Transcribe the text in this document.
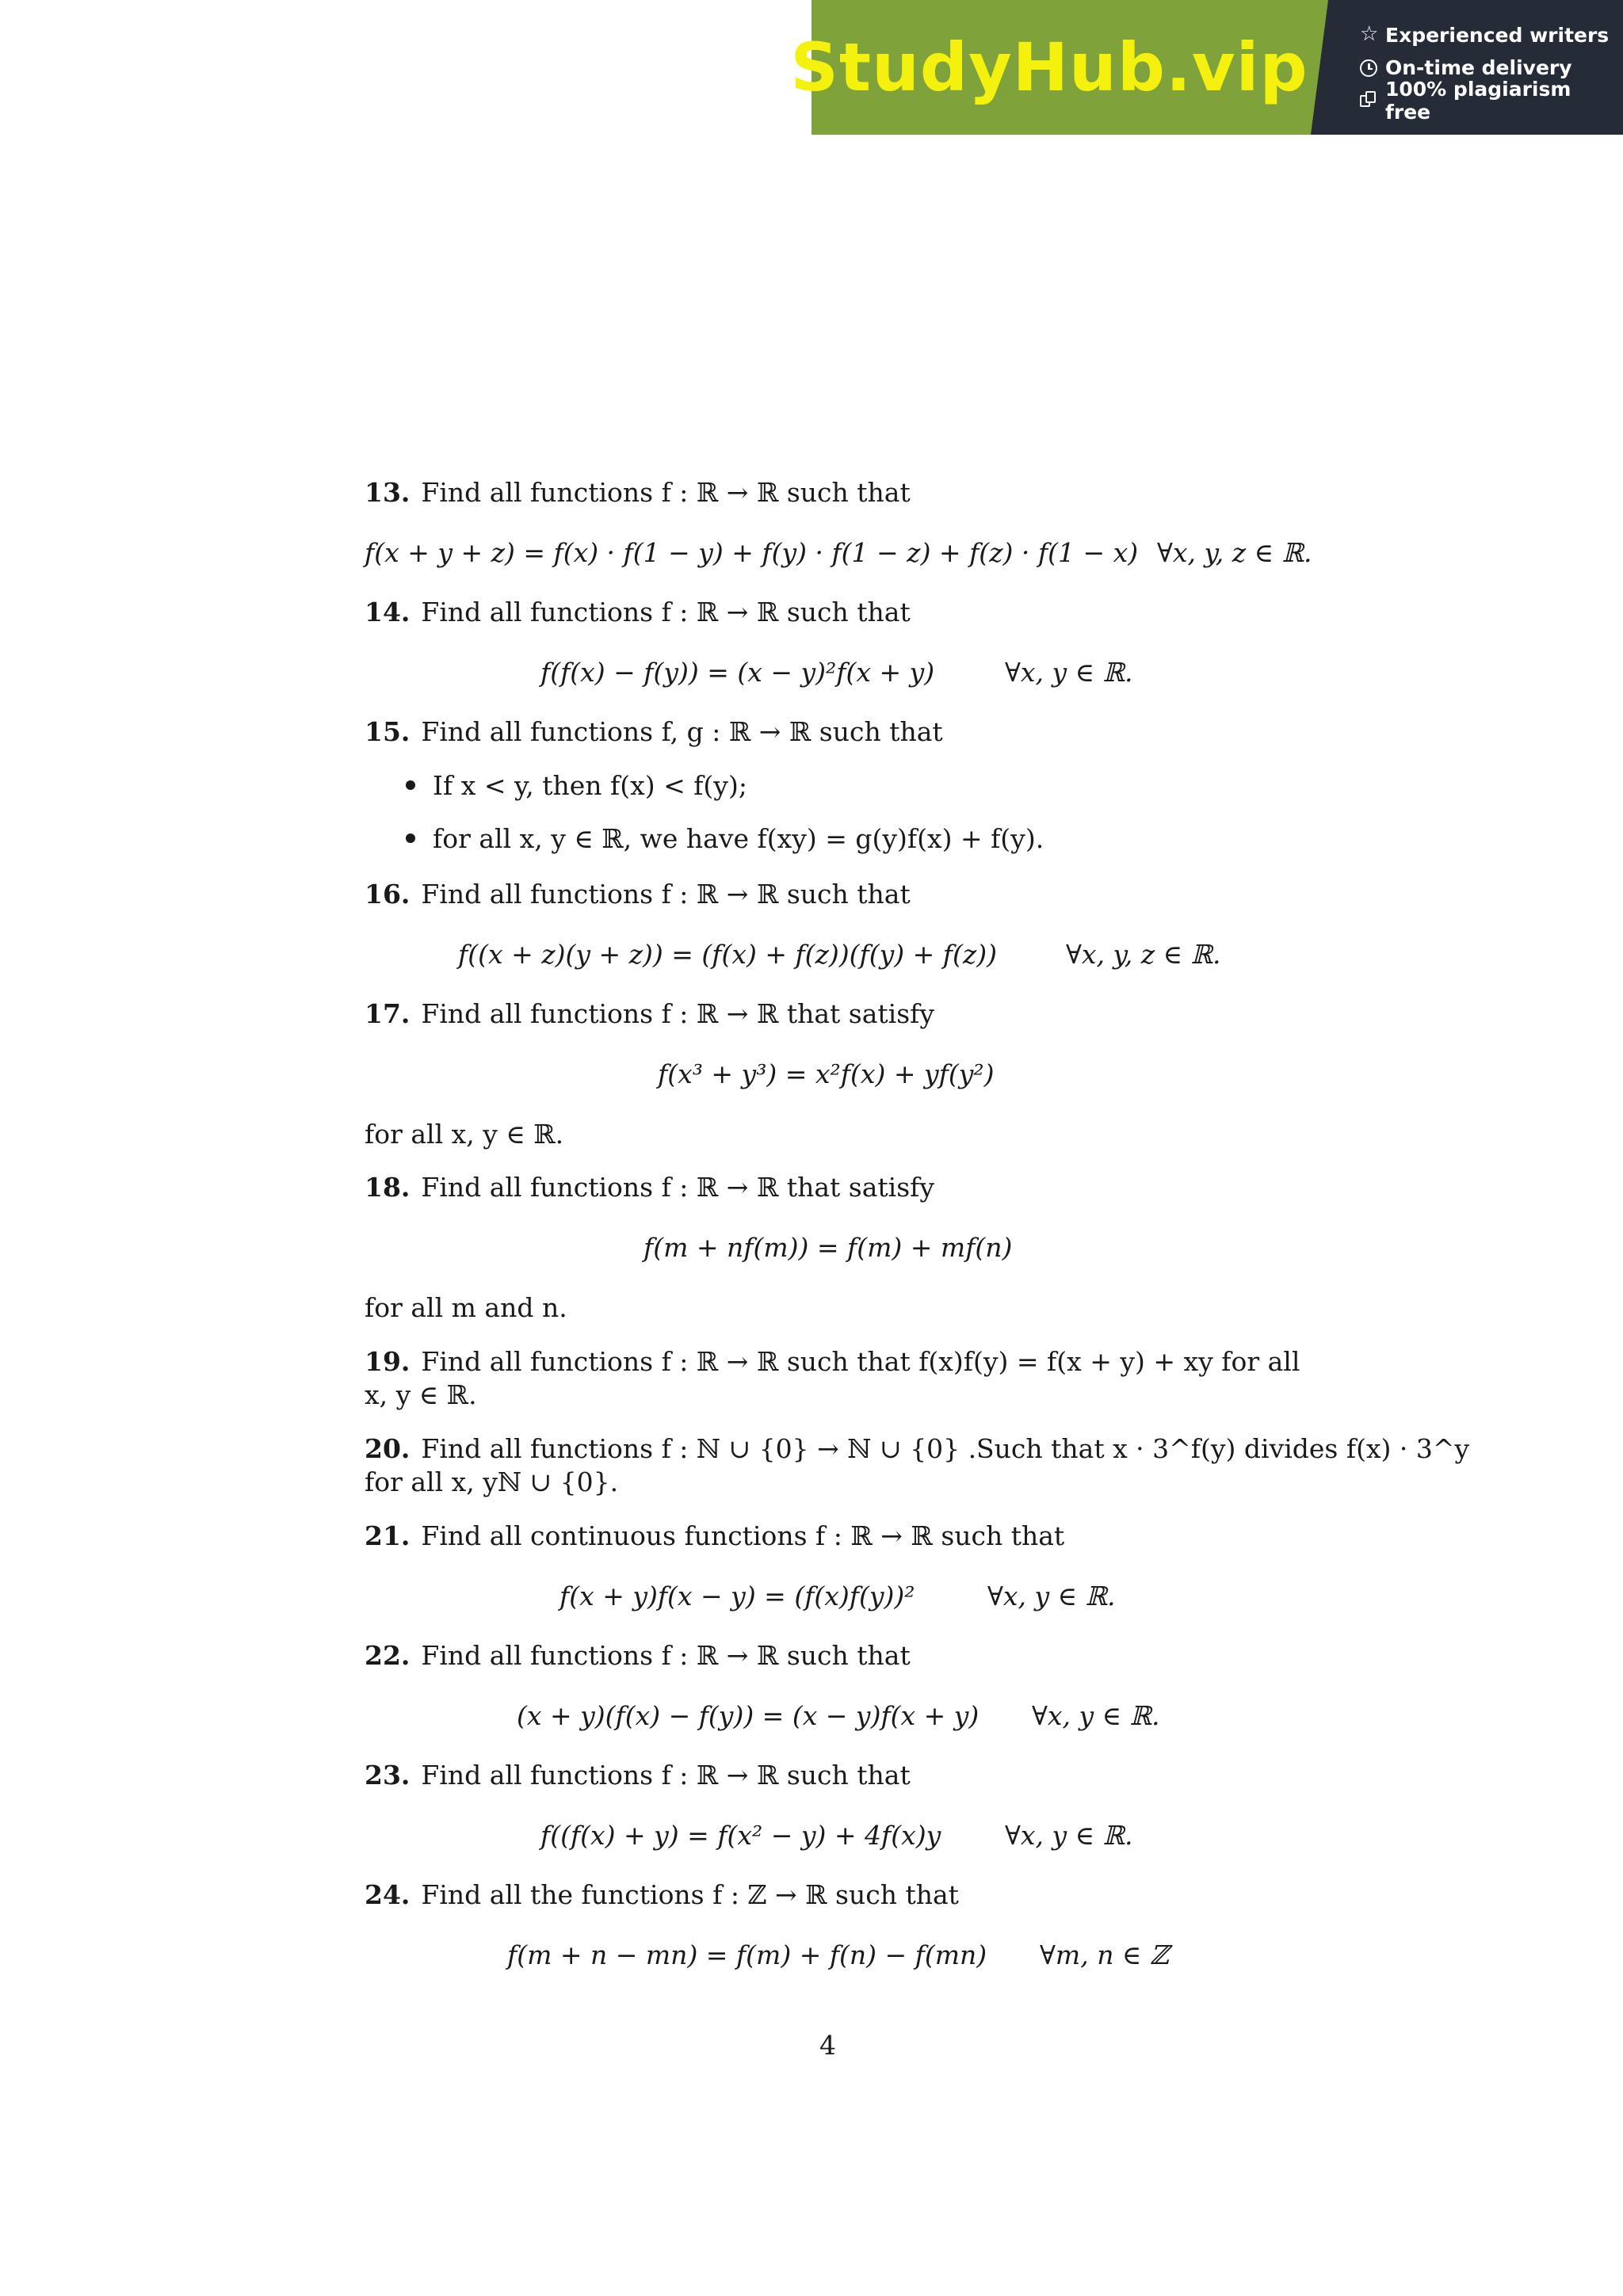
StudyHub.vip
☆	Experienced writers
On-time delivery
100% plagiarism free
13. Find all functions f : ℝ → ℝ such that
f(x + y + z) = f(x) · f(1 − y) + f(y) · f(1 − z) + f(z) · f(1 − x) ∀x, y, z ∈ ℝ.
14. Find all functions f : ℝ → ℝ such that
f(f(x) − f(y)) = (x − y)²f(x + y)	∀x, y ∈ ℝ.
15. Find all functions f, g : ℝ → ℝ such that
If x < y, then f(x) < f(y);
for all x, y ∈ ℝ, we have f(xy) = g(y)f(x) + f(y).
16. Find all functions f : ℝ → ℝ such that
f((x + z)(y + z)) = (f(x) + f(z))(f(y) + f(z))	∀x, y, z ∈ ℝ.
17. Find all functions f : ℝ → ℝ that satisfy
f(x³ + y³) = x²f(x) + yf(y²)
for all x, y ∈ ℝ.
18. Find all functions f : ℝ → ℝ that satisfy
f(m + nf(m)) = f(m) + mf(n)
for all m and n.
19. Find all functions f : ℝ → ℝ such that f(x)f(y) = f(x + y) + xy for all
x, y ∈ ℝ.
20. Find all functions f : ℕ ∪ {0} → ℕ ∪ {0} .Such that x · 3^f(y) divides f(x) · 3^y
for all x, yℕ ∪ {0}.
21. Find all continuous functions f : ℝ → ℝ such that
f(x + y)f(x − y) = (f(x)f(y))²	∀x, y ∈ ℝ.
22. Find all functions f : ℝ → ℝ such that
(x + y)(f(x) − f(y)) = (x − y)f(x + y) ∀x, y ∈ ℝ.
23. Find all functions f : ℝ → ℝ such that
f((f(x) + y) = f(x² − y) + 4f(x)y ∀x, y ∈ ℝ.
24. Find all the functions f : ℤ → ℝ such that
f(m + n − mn) = f(m) + f(n) − f(mn) ∀m, n ∈ ℤ
4
